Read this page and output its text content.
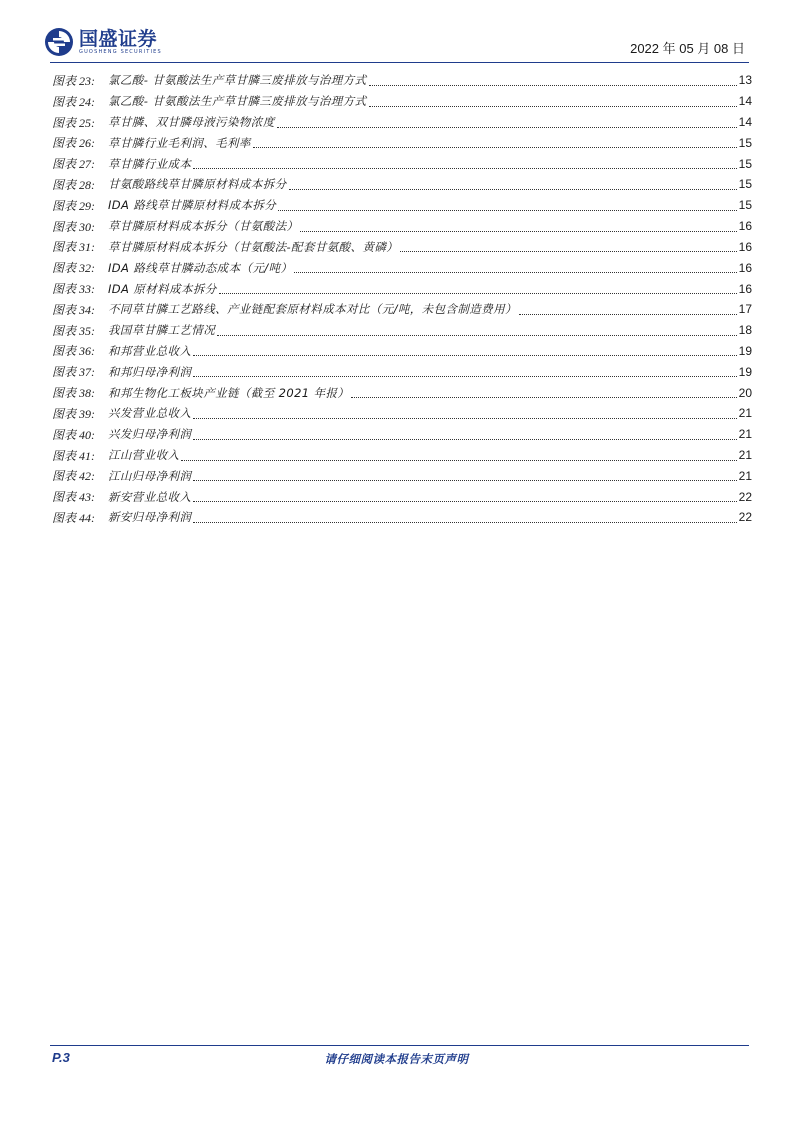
国盛证券
GUOSHENG SECURITIES	2022 年 05 月 08 日
图表 23:	氯乙酸- 甘氨酸法生产草甘膦三废排放与治理方式	13
图表 24:	氯乙酸- 甘氨酸法生产草甘膦三废排放与治理方式	14
图表 25:	草甘膦、双甘膦母液污染物浓度	14
图表 26:	草甘膦行业毛利润、毛利率	15
图表 27:	草甘膦行业成本	15
图表 28:	甘氨酸路线草甘膦原材料成本拆分	15
图表 29:	IDA 路线草甘膦原材料成本拆分	15
图表 30:	草甘膦原材料成本拆分（甘氨酸法）	16
图表 31:	草甘膦原材料成本拆分（甘氨酸法-配套甘氨酸、黄磷）	16
图表 32:	IDA 路线草甘膦动态成本（元/吨）	16
图表 33:	IDA 原材料成本拆分	16
图表 34:	不同草甘膦工艺路线、产业链配套原材料成本对比（元/吨，未包含制造费用）	17
图表 35:	我国草甘膦工艺情况	18
图表 36:	和邦营业总收入	19
图表 37:	和邦归母净利润	19
图表 38:	和邦生物化工板块产业链（截至 2021 年报）	20
图表 39:	兴发营业总收入	21
图表 40:	兴发归母净利润	21
图表 41:	江山营业收入	21
图表 42:	江山归母净利润	21
图表 43:	新安营业总收入	22
图表 44:	新安归母净利润	22
P.3	请仔细阅读本报告末页声明
